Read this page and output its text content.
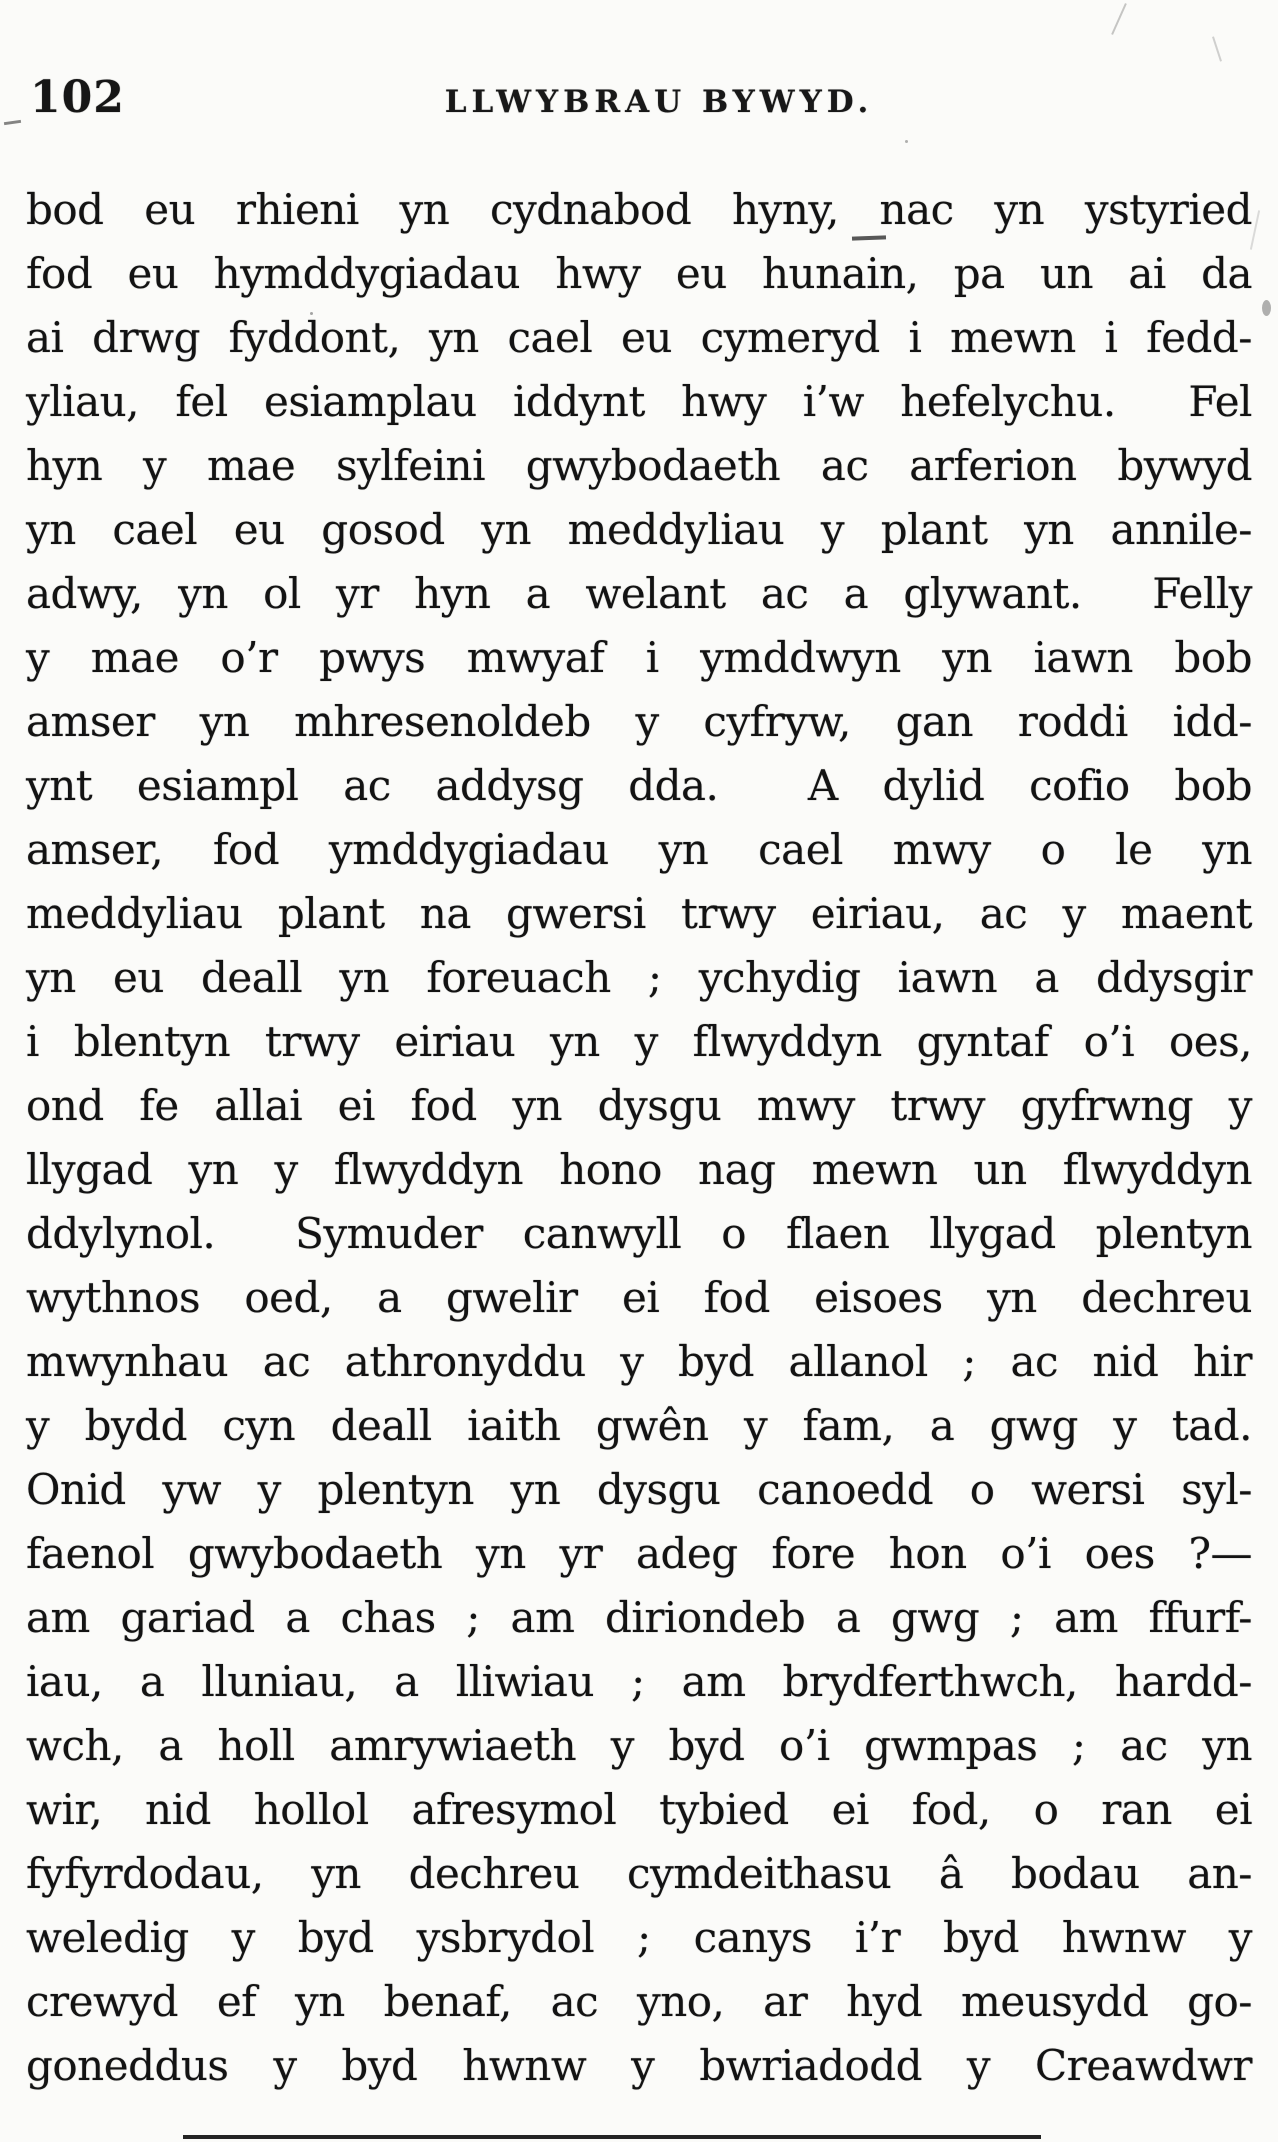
102	LLWYBRAU BYWYD.
bod eu rhieni yn cydnabod hyny, nac yn ystyried
fod eu hymddygiadau hwy eu hunain, pa un ai da
ai drwg fyddont, yn cael eu cymeryd i mewn i fedd-
yliau, fel esiamplau iddynt hwy i’w hefelychu.  Fel
hyn y mae sylfeini gwybodaeth ac arferion bywyd
yn cael eu gosod yn meddyliau y plant yn annile-
adwy, yn ol yr hyn a welant ac a glywant.  Felly
y mae o’r pwys mwyaf i ymddwyn yn iawn bob
amser yn mhresenoldeb y cyfryw, gan roddi idd-
ynt esiampl ac addysg dda.  A dylid cofio bob
amser, fod ymddygiadau yn cael mwy o le yn
meddyliau plant na gwersi trwy eiriau, ac y maent
yn eu deall yn foreuach ; ychydig iawn a ddysgir
i blentyn trwy eiriau yn y flwyddyn gyntaf o’i oes,
ond fe allai ei fod yn dysgu mwy trwy gyfrwng y
llygad yn y flwyddyn hono nag mewn un flwyddyn
ddylynol.  Symuder canwyll o flaen llygad plentyn
wythnos oed, a gwelir ei fod eisoes yn dechreu
mwynhau ac athronyddu y byd allanol ; ac nid hir
y bydd cyn deall iaith gwên y fam, a gwg y tad.
Onid yw y plentyn yn dysgu canoedd o wersi syl-
faenol gwybodaeth yn yr adeg fore hon o’i oes ?—
am gariad a chas ; am diriondeb a gwg ; am ffurf-
iau, a lluniau, a lliwiau ; am brydferthwch, hardd-
wch, a holl amrywiaeth y byd o’i gwmpas ; ac yn
wir, nid hollol afresymol tybied ei fod, o ran ei
fyfyrdodau, yn dechreu cymdeithasu â bodau an-
weledig y byd ysbrydol ; canys i’r byd hwnw y
crewyd ef yn benaf, ac yno, ar hyd meusydd go-
goneddus y byd hwnw y bwriadodd y Creawdwr
